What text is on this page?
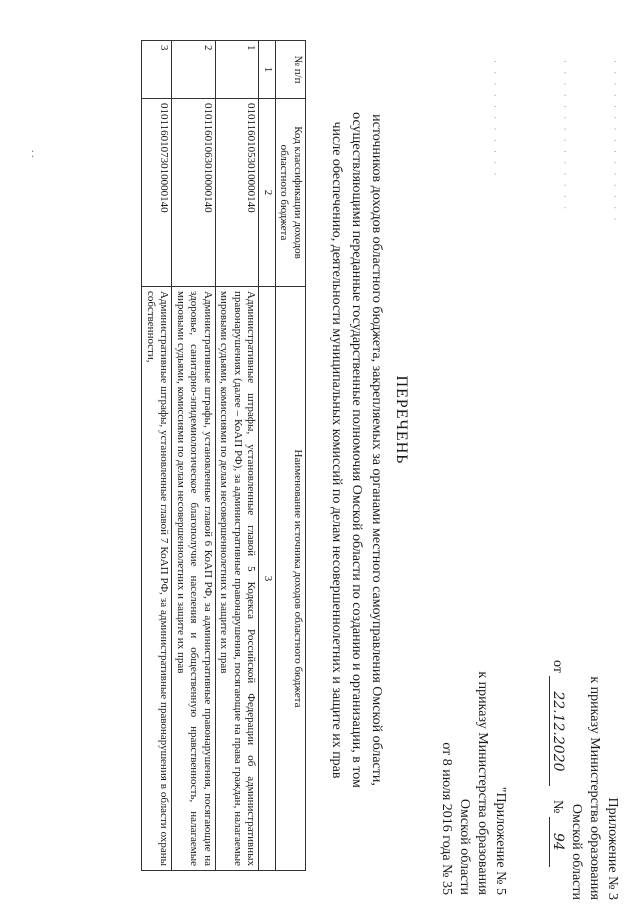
· · · · · · · · · · · · · · ·
· · · · · · · · · · · · · ·
· · · · · · · · · · ·
Приложение № 3
к приказу Министерства образования
Омской области
от 22.12.2020 № 94
"Приложение № 5
к приказу Министерства образования
Омской области
от 8 июля 2016 года № 35
ПЕРЕЧЕНЬ
источников доходов областного бюджета, закрепляемых за органами местного самоуправления Омской области,
осуществляющими переданные государственные полномочия Омской области по созданию и организации, в том
числе обеспечению, деятельности муниципальных комиссий по делам несовершеннолетних и защите их прав
№ п/п	Код классификации доходов областного бюджета	Наименование источника доходов областного бюджета
1	2	3
1	01011601053010000140	Административные штрафы, установленные главой 5 Кодекса Российской Федерации об административных правонарушениях (далее – КоАП РФ), за административные правонарушения, посягающие на права граждан, налагаемые мировыми судьями, комиссиями по делам несовершеннолетних и защите их прав
2	01011601063010000140	Административные штрафы, установленные главой 6 КоАП РФ, за административные правонарушения, посягающие на здоровье, санитарно-эпидемиологическое благополучие населения и общественную нравственность, налагаемые мировыми судьями, комиссиями по делам несовершеннолетних и защите их прав
3	01011601073010000140	Административные штрафы, установленные главой 7 КоАП РФ, за административные правонарушения в области охраны собственности,
. .
